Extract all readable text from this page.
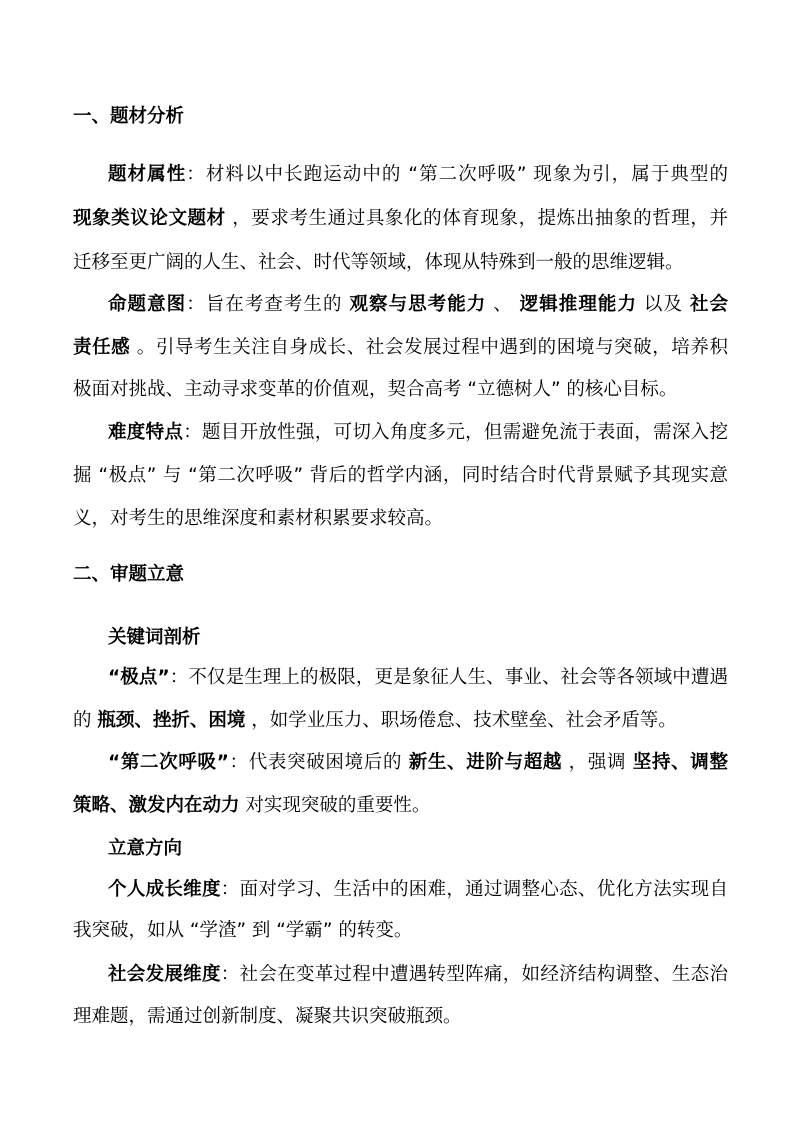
一、题材分析
题材属性：材料以中长跑运动中的 “第二次呼吸” 现象为引，属于典型的
现象类议论文题材 ，要求考生通过具象化的体育现象，提炼出抽象的哲理，并
迁移至更广阔的人生、社会、时代等领域，体现从特殊到一般的思维逻辑。
命题意图：旨在考查考生的 观察与思考能力 、 逻辑推理能力 以及 社会
责任感 。引导考生关注自身成长、社会发展过程中遇到的困境与突破，培养积
极面对挑战、主动寻求变革的价值观，契合高考 “立德树人” 的核心目标。
难度特点：题目开放性强，可切入角度多元，但需避免流于表面，需深入挖
掘 “极点” 与 “第二次呼吸” 背后的哲学内涵，同时结合时代背景赋予其现实意
义，对考生的思维深度和素材积累要求较高。
二、审题立意
关键词剖析
“极点”：不仅是生理上的极限，更是象征人生、事业、社会等各领域中遭遇
的 瓶颈、挫折、困境 ，如学业压力、职场倦怠、技术壁垒、社会矛盾等。
“第二次呼吸”：代表突破困境后的 新生、进阶与超越 ，强调 坚持、调整
策略、激发内在动力 对实现突破的重要性。
立意方向
个人成长维度：面对学习、生活中的困难，通过调整心态、优化方法实现自
我突破，如从 “学渣” 到 “学霸” 的转变。
社会发展维度：社会在变革过程中遭遇转型阵痛，如经济结构调整、生态治
理难题，需通过创新制度、凝聚共识突破瓶颈。
